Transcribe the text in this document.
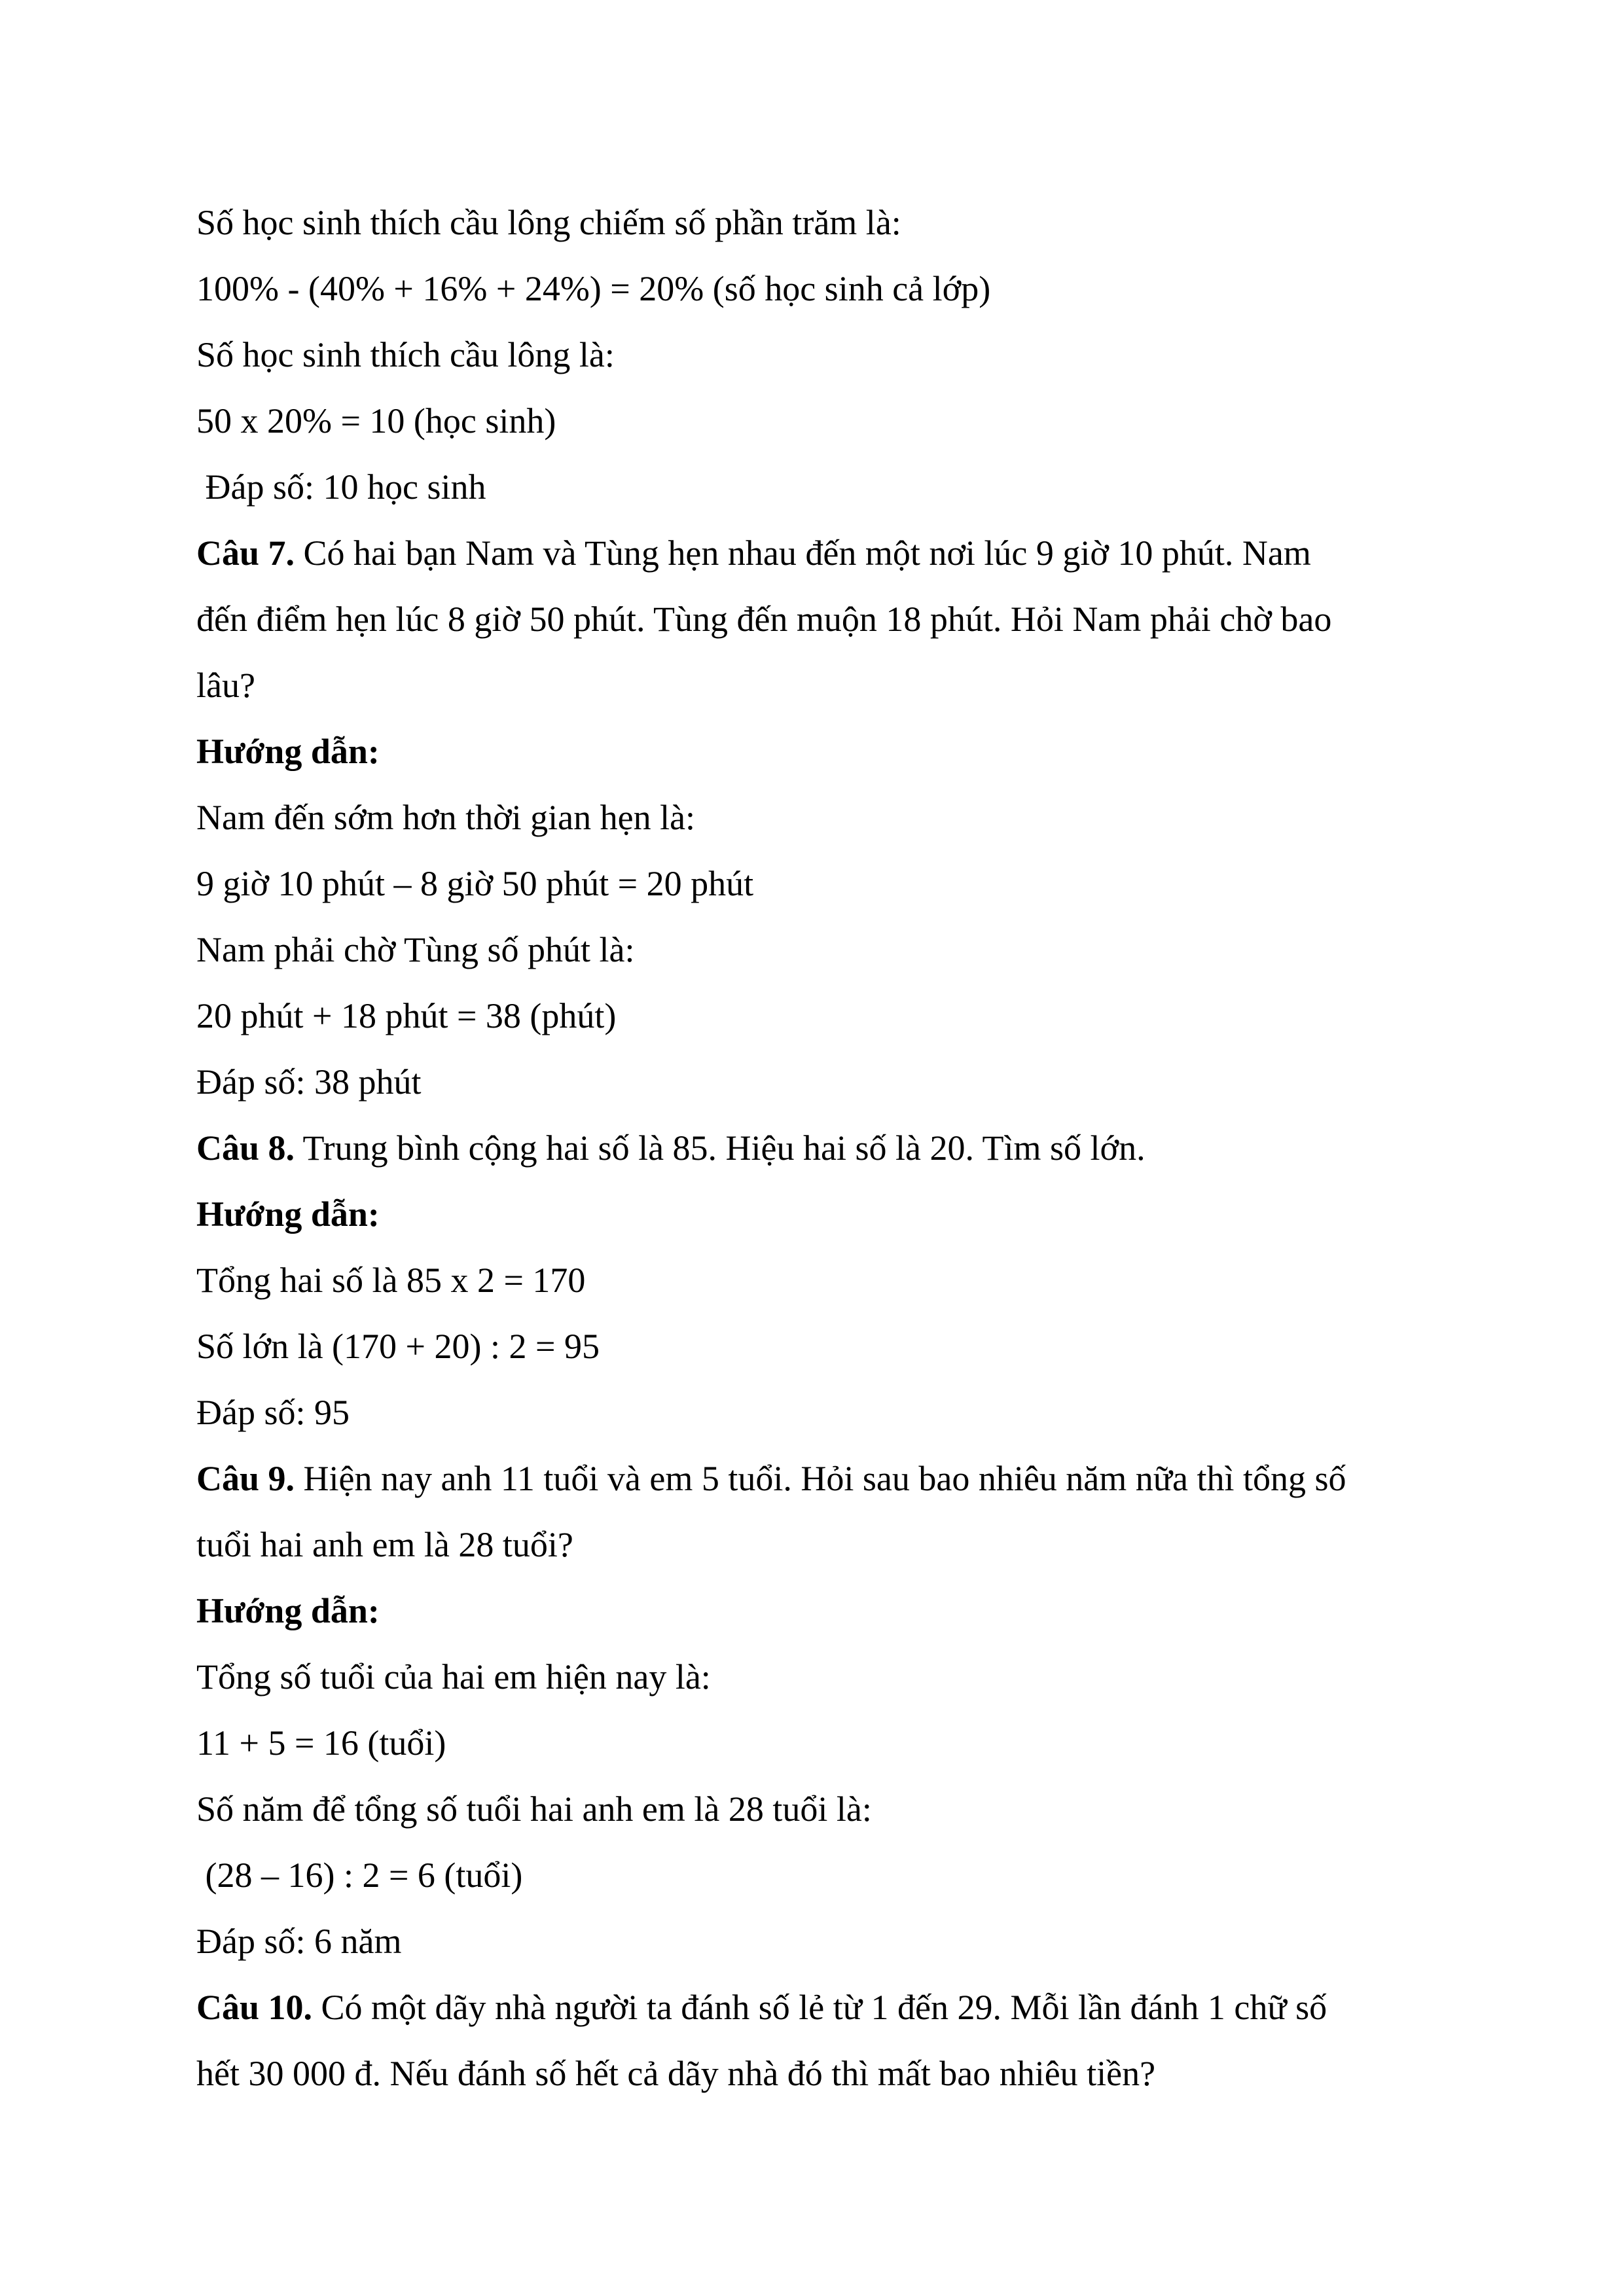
Số học sinh thích cầu lông chiếm số phần trăm là:

100% - (40% + 16% + 24%) = 20% (số học sinh cả lớp)

Số học sinh thích cầu lông là:

50 x 20% = 10 (học sinh)

Đáp số: 10 học sinh

Câu 7. Có hai bạn Nam và Tùng hẹn nhau đến một nơi lúc 9 giờ 10 phút. Nam

đến điểm hẹn lúc 8 giờ 50 phút. Tùng đến muộn 18 phút. Hỏi Nam phải chờ bao

lâu?

Hướng dẫn:

Nam đến sớm hơn thời gian hẹn là:

9 giờ 10 phút – 8 giờ 50 phút = 20 phút

Nam phải chờ Tùng số phút là:

20 phút + 18 phút = 38 (phút)

Đáp số: 38 phút

Câu 8. Trung bình cộng hai số là 85. Hiệu hai số là 20. Tìm số lớn.

Hướng dẫn:

Tổng hai số là 85 x 2 = 170

Số lớn là (170 + 20) : 2 = 95

Đáp số: 95

Câu 9. Hiện nay anh 11 tuổi và em 5 tuổi. Hỏi sau bao nhiêu năm nữa thì tổng số

tuổi hai anh em là 28 tuổi?

Hướng dẫn:

Tổng số tuổi của hai em hiện nay là:

11 + 5 = 16 (tuổi)

Số năm để tổng số tuổi hai anh em là 28 tuổi là:

(28 – 16) : 2 = 6 (tuổi)

Đáp số: 6 năm

Câu 10. Có một dãy nhà người ta đánh số lẻ từ 1 đến 29. Mỗi lần đánh 1 chữ số

hết 30 000 đ. Nếu đánh số hết cả dãy nhà đó thì mất bao nhiêu tiền?
